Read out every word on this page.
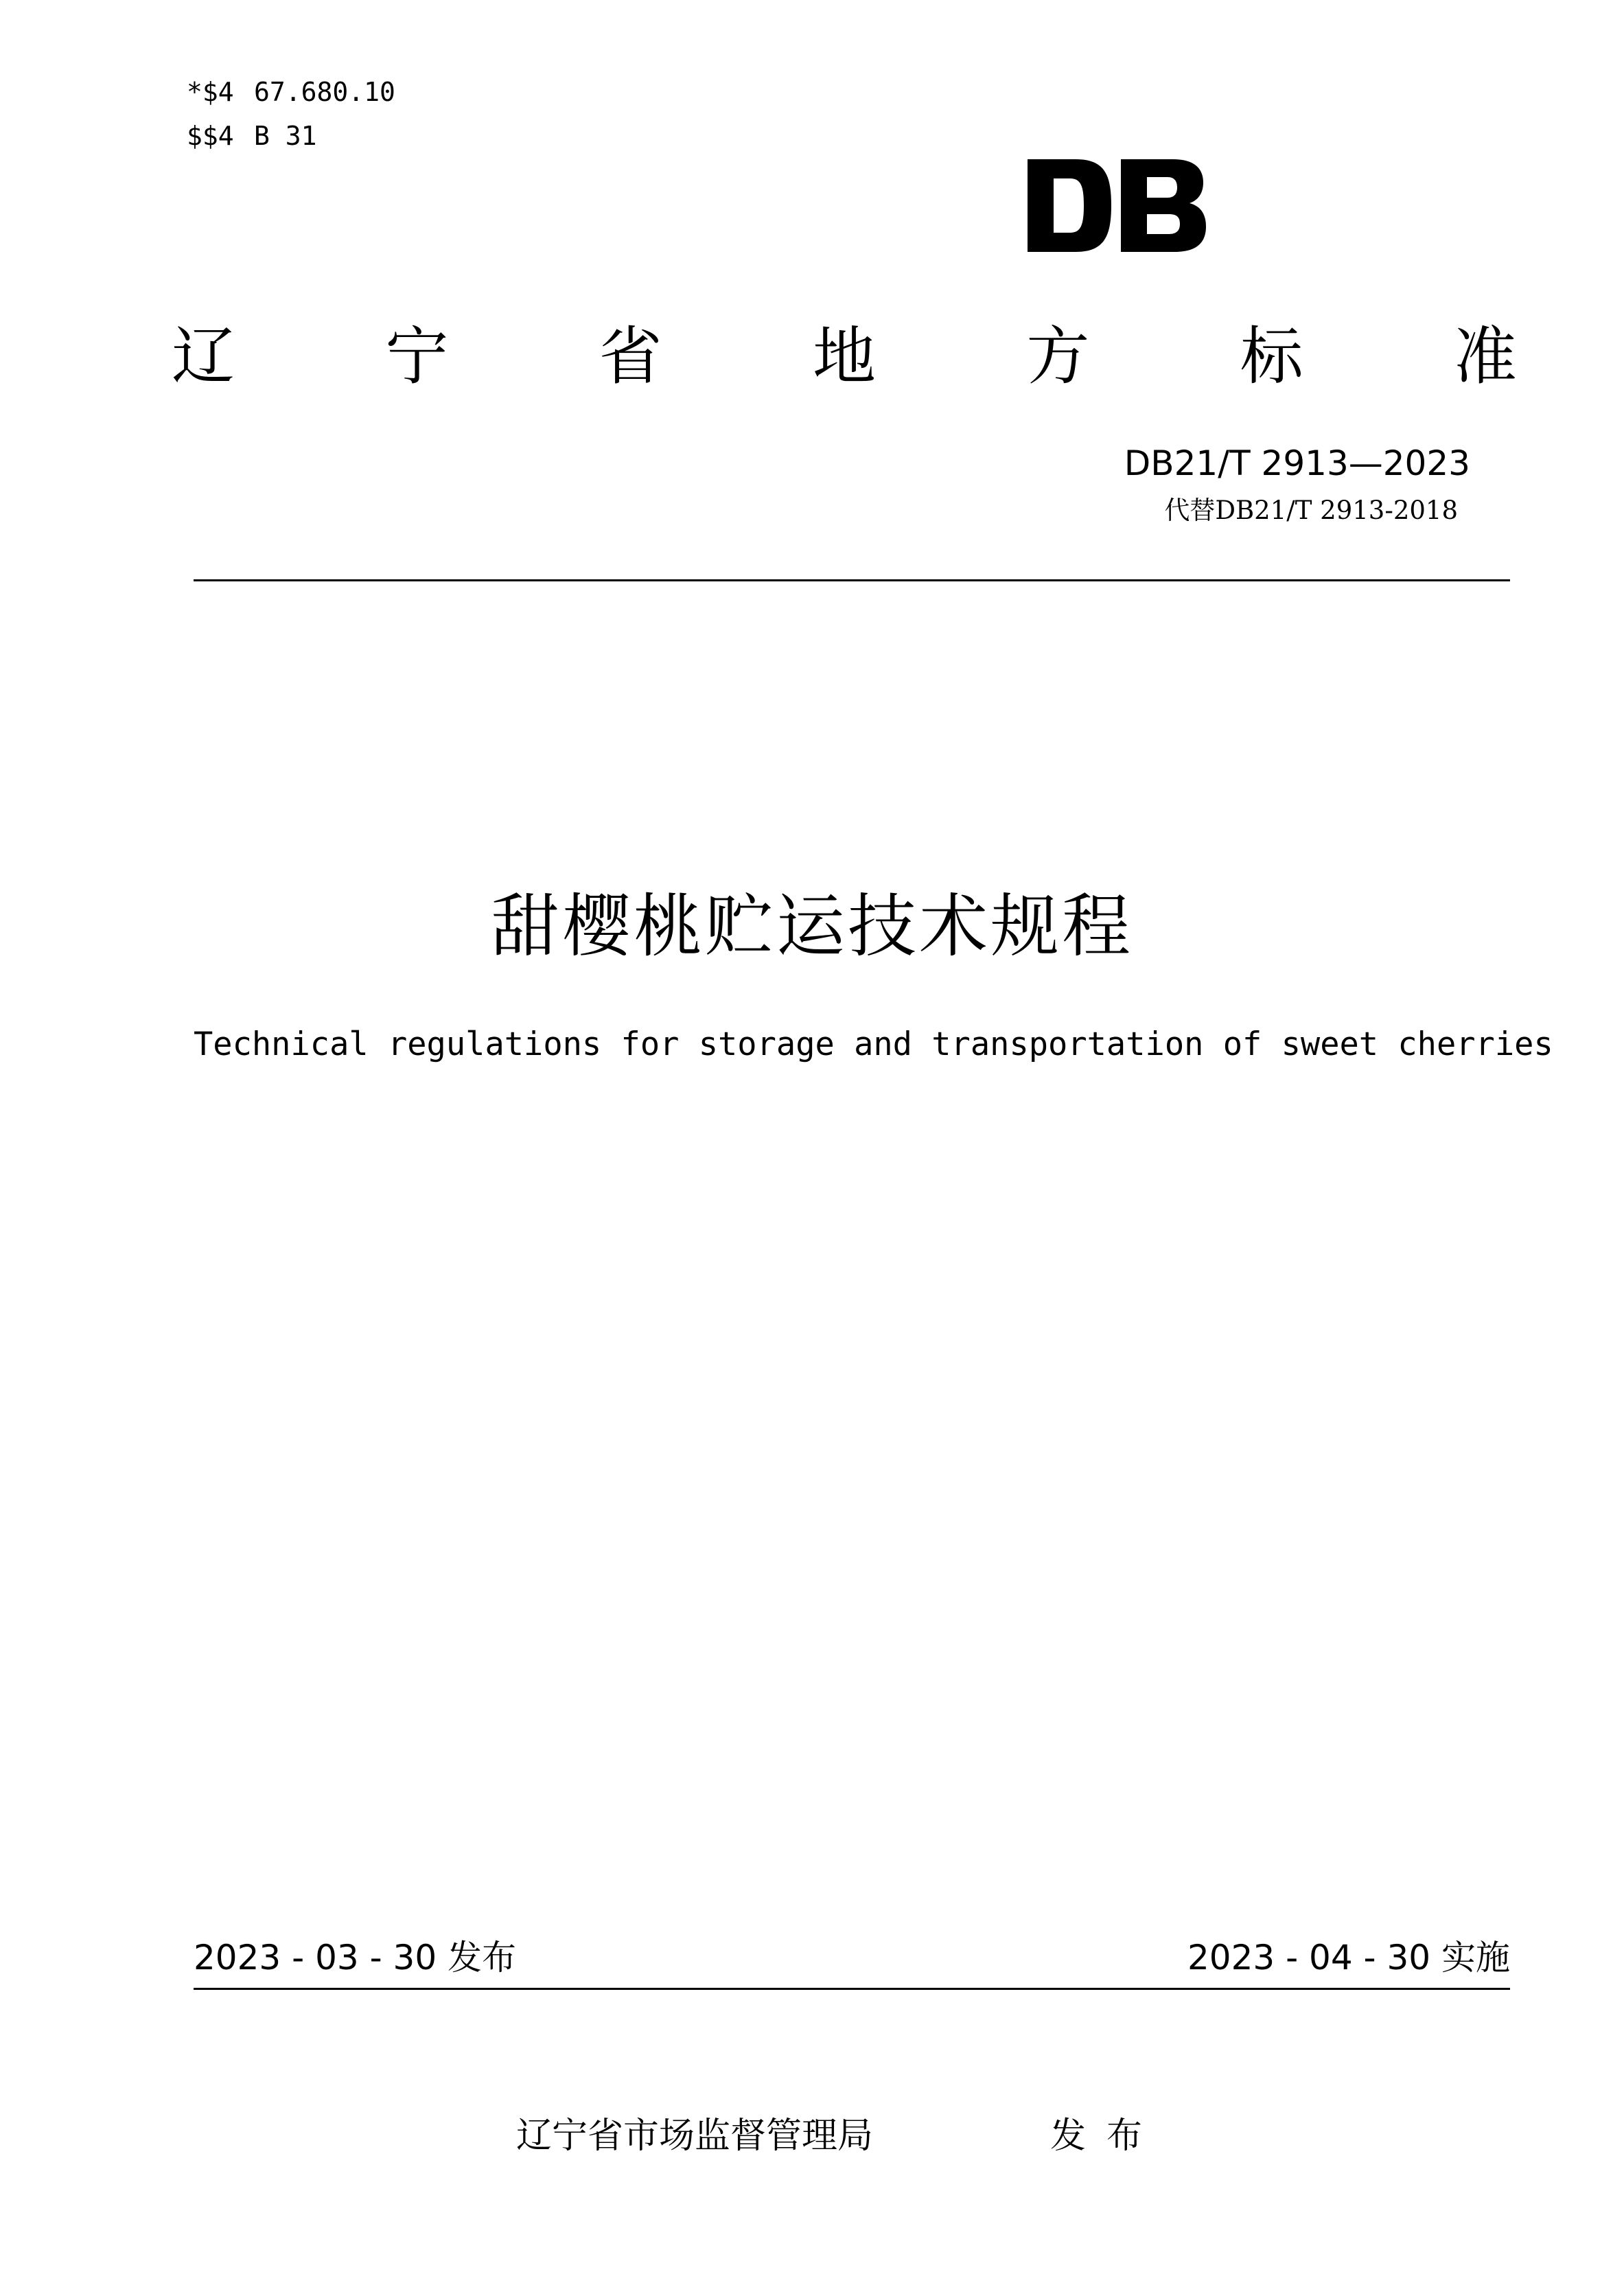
*$4 67.680.10
$$4 B 31
辽 宁 省 地 方 标 准
DB21/T 2913—2023
代替DB21/T 2913-2018
甜樱桃贮运技术规程
Technical regulations for storage and transportation of sweet cherries
2023 - 03 - 30 发布	2023 - 04 - 30 实施
辽宁省市场监督管理局	发布
